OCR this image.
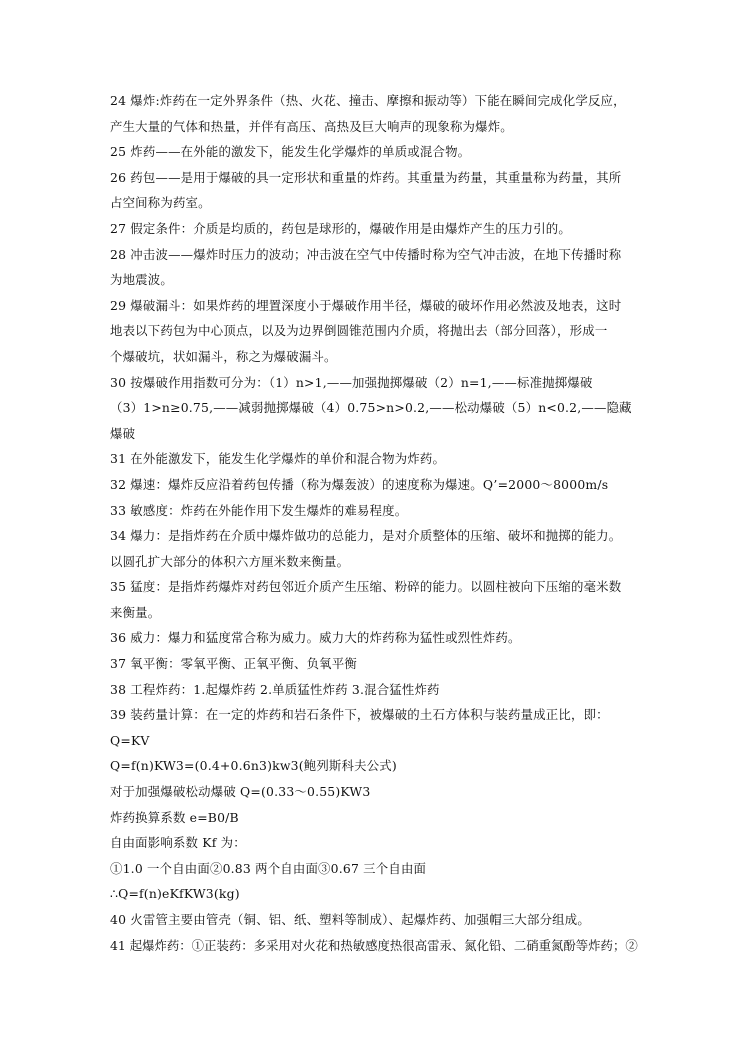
24 爆炸:炸药在一定外界条件（热、火花、撞击、摩擦和振动等）下能在瞬间完成化学反应，
产生大量的气体和热量，并伴有高压、高热及巨大响声的现象称为爆炸。
25 炸药——在外能的激发下，能发生化学爆炸的单质或混合物。
26 药包——是用于爆破的具一定形状和重量的炸药。其重量为药量，其重量称为药量，其所
占空间称为药室。
27 假定条件：介质是均质的，药包是球形的，爆破作用是由爆炸产生的压力引的。
28 冲击波——爆炸时压力的波动；冲击波在空气中传播时称为空气冲击波，在地下传播时称
为地震波。
29 爆破漏斗：如果炸药的埋置深度小于爆破作用半径，爆破的破坏作用必然波及地表，这时
地表以下药包为中心顶点，以及为边界倒圆锥范围内介质，将抛出去（部分回落），形成一
个爆破坑，状如漏斗，称之为爆破漏斗。
30 按爆破作用指数可分为：（1）n>1,——加强抛掷爆破（2）n=1,——标准抛掷爆破
（3）1>n≥0.75,——减弱抛掷爆破（4）0.75>n>0.2,——松动爆破（5）n<0.2,——隐藏
爆破
31 在外能激发下，能发生化学爆炸的单价和混合物为炸药。
32 爆速：爆炸反应沿着药包传播（称为爆轰波）的速度称为爆速。Q’=2000～8000m/s
33 敏感度：炸药在外能作用下发生爆炸的难易程度。
34 爆力：是指炸药在介质中爆炸做功的总能力，是对介质整体的压缩、破坏和抛掷的能力。
以圆孔扩大部分的体积六方厘米数来衡量。
35 猛度：是指炸药爆炸对药包邻近介质产生压缩、粉碎的能力。以圆柱被向下压缩的毫米数
来衡量。
36 威力：爆力和猛度常合称为威力。威力大的炸药称为猛性或烈性炸药。
37 氧平衡：零氧平衡、正氧平衡、负氧平衡
38 工程炸药：1.起爆炸药 2.单质猛性炸药 3.混合猛性炸药
39 装药量计算：在一定的炸药和岩石条件下，被爆破的土石方体积与装药量成正比，即：
Q=KV
Q=f(n)KW3=(0.4+0.6n3)kw3(鲍列斯科夫公式)
对于加强爆破松动爆破 Q=(0.33～0.55)KW3
炸药换算系数 e=B0/B
自由面影响系数 Kf 为：
①1.0 一个自由面②0.83 两个自由面③0.67 三个自由面
∴Q=f(n)eKfKW3(kg)
40 火雷管主要由管壳（铜、铝、纸、塑料等制成）、起爆炸药、加强帽三大部分组成。
41 起爆炸药：①正装药：多采用对火花和热敏感度热很高雷汞、氮化铅、二硝重氮酚等炸药；②
